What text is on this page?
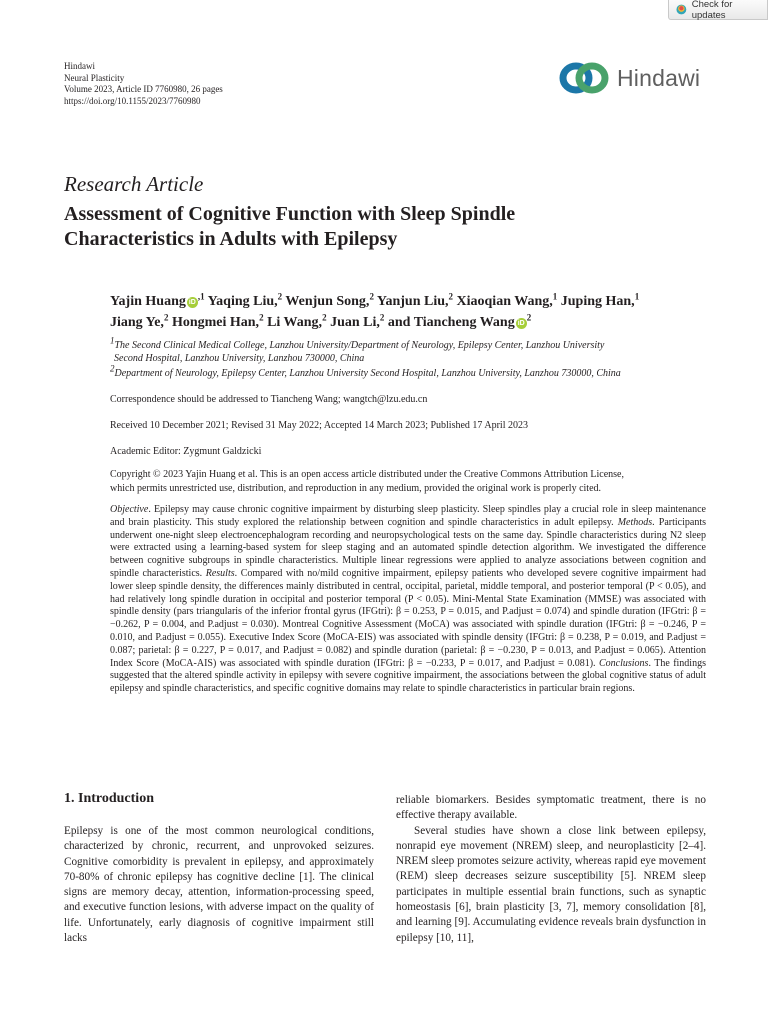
Check for updates
Hindawi
Neural Plasticity
Volume 2023, Article ID 7760980, 26 pages
https://doi.org/10.1155/2023/7760980
Hindawi
Research Article
Assessment of Cognitive Function with Sleep Spindle
Characteristics in Adults with Epilepsy
Yajin Huang $iD^{,1}$ Yaqing Liu,$^2$ Wenjun Song,$^2$ Yanjun Liu,$^2$ Xiaoqian Wang,$^1$ Juping Han,$^1$
Jiang Ye,$^2$ Hongmei Han,$^2$ Li Wang,$^2$ Juan Li,$^2$ and Tiancheng Wang $iD^2$
$^1$The Second Clinical Medical College, Lanzhou University/Department of Neurology, Epilepsy Center, Lanzhou University
Second Hospital, Lanzhou University, Lanzhou 730000, China
$^2$Department of Neurology, Epilepsy Center, Lanzhou University Second Hospital, Lanzhou University, Lanzhou 730000, China
Correspondence should be addressed to Tiancheng Wang; wangtch@lzu.edu.cn
Received 10 December 2021; Revised 31 May 2022; Accepted 14 March 2023; Published 17 April 2023
Academic Editor: Zygmunt Galdzicki
Copyright © 2023 Yajin Huang et al. This is an open access article distributed under the Creative Commons Attribution License,
which permits unrestricted use, distribution, and reproduction in any medium, provided the original work is properly cited.
Objective. Epilepsy may cause chronic cognitive impairment by disturbing sleep plasticity. Sleep spindles play a crucial role in sleep maintenance and brain plasticity. This study explored the relationship between cognition and spindle characteristics in adult epilepsy. Methods. Participants underwent one-night sleep electroencephalogram recording and neuropsychological tests on the same day. Spindle characteristics during N2 sleep were extracted using a learning-based system for sleep staging and an automated spindle detection algorithm. We investigated the difference between cognitive subgroups in spindle characteristics. Multiple linear regressions were applied to analyze associations between cognition and spindle characteristics. Results. Compared with no/mild cognitive impairment, epilepsy patients who developed severe cognitive impairment had lower sleep spindle density, the differences mainly distributed in central, occipital, parietal, middle temporal, and posterior temporal (P < 0.05), and had relatively long spindle duration in occipital and posterior temporal (P < 0.05). Mini-Mental State Examination (MMSE) was associated with spindle density (pars triangularis of the inferior frontal gyrus (IFGtri): β = 0.253, P = 0.015, and P.adjust = 0.074) and spindle duration (IFGtri: β = −0.262, P = 0.004, and P.adjust = 0.030). Montreal Cognitive Assessment (MoCA) was associated with spindle duration (IFGtri: β = −0.246, P = 0.010, and P.adjust = 0.055). Executive Index Score (MoCA-EIS) was associated with spindle density (IFGtri: β = 0.238, P = 0.019, and P.adjust = 0.087; parietal: β = 0.227, P = 0.017, and P.adjust = 0.082) and spindle duration (parietal: β = −0.230, P = 0.013, and P.adjust = 0.065). Attention Index Score (MoCA-AIS) was associated with spindle duration (IFGtri: β = −0.233, P = 0.017, and P.adjust = 0.081). Conclusions. The findings suggested that the altered spindle activity in epilepsy with severe cognitive impairment, the associations between the global cognitive status of adult epilepsy and spindle characteristics, and specific cognitive domains may relate to spindle characteristics in particular brain regions.
1. Introduction

Epilepsy is one of the most common neurological conditions, characterized by chronic, recurrent, and unprovoked seizures. Cognitive comorbidity is prevalent in epilepsy, and approximately 70-80% of chronic epilepsy has cognitive decline [1]. The clinical signs are memory decay, attention, information-processing speed, and executive function lesions, with adverse impact on the quality of life. Unfortunately, early diagnosis of cognitive impairment still lacks

reliable biomarkers. Besides symptomatic treatment, there is no effective therapy available.

Several studies have shown a close link between epilepsy, nonrapid eye movement (NREM) sleep, and neuroplasticity [2–4]. NREM sleep promotes seizure activity, whereas rapid eye movement (REM) sleep decreases seizure susceptibility [5]. NREM sleep participates in multiple essential brain functions, such as synaptic homeostasis [6], brain plasticity [3, 7], memory consolidation [8], and learning [9]. Accumulating evidence reveals brain dysfunction in epilepsy [10, 11],
